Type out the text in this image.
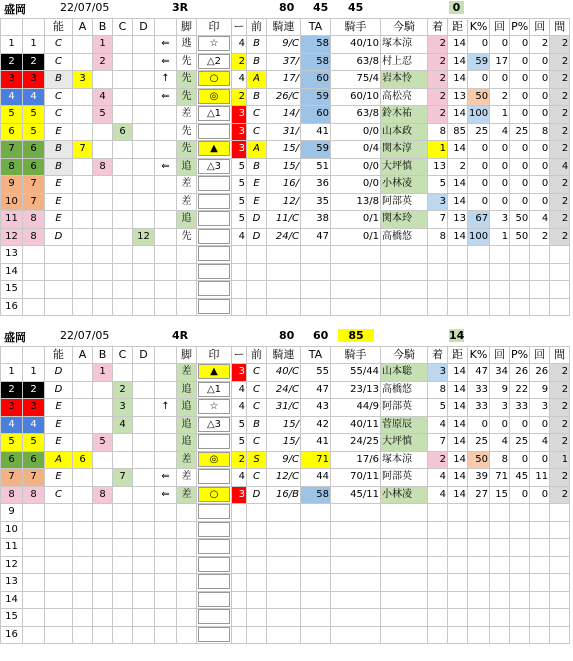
盛岡	22/07/05	3R	80 45 45	0
		能	A	B	C	D		脚	印	ー	前	騎連	TA	騎手	今騎	着	距	K%	回	P%	回	間
1	1	C		1			⇐	逃	☆	4	B	9/C	58	40/10	塚本涼	2	14	0	0	0	2	2
2	2	C		2			⇐	先	△2	2	B	37/	58	63/8	村上忍	2	14	59	17	0	0	2
3	3	B	3				↑	先	○	4	A	17/	60	75/4	岩本怜	2	14	0	0	0	0	2
4	4	C		4			⇐	先	◎	2	B	26/C	59	60/10	高松亮	2	13	50	2	0	0	2
5	5	C		5				差	△1	3	C	14/	60	63/8	鈴木祐	2	14	100	1	0	0	2
6	5	E			6			先		3	C	31/	41	0/0	山本政	8	85	25	4	25	8	2
7	6	B	7					先	▲	3	A	15/	59	0/4	関本淳	1	14	0	0	0	0	2
8	6	B		8			⇐	追	△3	5	B	15/	51	0/0	大坪慎	13	2	0	0	0	0	4
9	7	E						差		5	E	16/	36	0/0	小林凌	5	14	0	0	0	0	2
10	7	E						差		5	E	12/	35	13/8	阿部英	3	14	0	0	0	0	2
11	8	E						追		5	D	11/C	38	0/1	関本玲	7	13	67	3	50	4	2
12	8	D				12		先		4	D	24/C	47	0/1	高橋悠	8	14	100	1	50	2	2
13																						
14																						
15																						
16																						
盛岡	22/07/05	4R	80 60	85	14
		能	A	B	C	D		脚	印	ー	前	騎連	TA	騎手	今騎	着	距	K%	回	P%	回	間
1	1	D		1				差	▲	3	C	40/C	55	55/44	山本聡	3	14	47	34	26	26	2
2	2	D			2			追	△1	4	C	24/C	47	23/13	高橋悠	8	14	33	9	22	9	2
3	3	E			3		↑	追	☆	4	C	31/C	43	44/9	阿部英	5	14	33	3	33	3	2
4	4	E			4			追	△3	5	B	15/	42	40/11	菅原辰	4	14	0	0	0	0	2
5	5	E		5				追		5	C	15/	41	24/25	大坪慎	7	14	25	4	25	4	2
6	6	A	6					差	◎	2	S	9/C	71	17/6	塚本涼	2	14	50	8	0	0	1
7	7	E			7		⇐	差		4	C	12/C	44	70/11	阿部英	4	14	39	71	45	11	2
8	8	C		8			⇐	差	○	3	D	16/B	58	45/11	小林凌	4	14	27	15	0	0	2
9																						
10																						
11																						
12																						
13																						
14																						
15																						
16																						
